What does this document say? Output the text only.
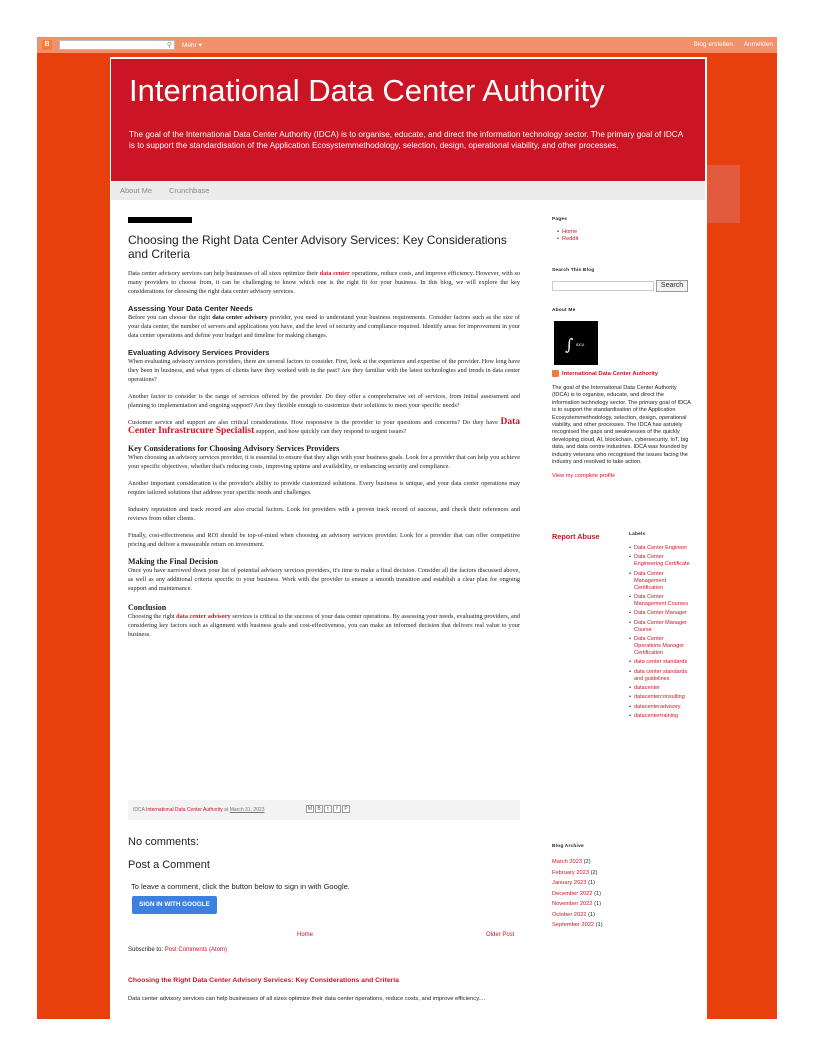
B	⚲ Mehr ▾	Blog erstellen Anmelden
International Data Center Authority

The goal of the International Data Center Authority (IDCA) is to organise, educate, and direct the information technology sector. The primary goal of IDCA is to support the standardisation of the Application Ecosystemmethodology, selection, design, operational viability, and other processes.

About Me Crunchbase
Choosing the Right Data Center Advisory Services: Key Considerations and Criteria

Data center advisory services can help businesses of all sizes optimize their data center operations, reduce costs, and improve efficiency. However, with so many providers to choose from, it can be challenging to know which one is the right fit for your business. In this blog, we will explore the key considerations for choosing the right data center advisory services.

Assessing Your Data Center Needs
Before you can choose the right data center advisory provider, you need to understand your business requirements. Consider factors such as the size of your data center, the number of servers and applications you have, and the level of security and compliance required. Identify areas for improvement in your data center operations and define your budget and timeline for making changes.
Evaluating Advisory Services Providers
When evaluating advisory services providers, there are several factors to consider. First, look at the experience and expertise of the provider. How long have they been in business, and what types of clients have they worked with in the past? Are they familiar with the latest technologies and trends in data center operations?

Another factor to consider is the range of services offered by the provider. Do they offer a comprehensive set of services, from initial assessment and planning to implementation and ongoing support? Are they flexible enough to customize their solutions to meet your specific needs?

Customer service and support are also critical considerations. How responsive is the provider to your questions and concerns? Do they have Data Center Infrastrucure Specialist support, and how quickly can they respond to urgent issues?

Key Considerations for Choosing Advisory Services Providers
When choosing an advisory services provider, it is essential to ensure that they align with your business goals. Look for a provider that can help you achieve your specific objectives, whether that's reducing costs, improving uptime and availability, or enhancing security and compliance.

Another important consideration is the provider's ability to provide customized solutions. Every business is unique, and your data center operations may require tailored solutions that address your specific needs and challenges.

Industry reputation and track record are also crucial factors. Look for providers with a proven track record of success, and check their references and reviews from other clients.

Finally, cost-effectiveness and ROI should be top-of-mind when choosing an advisory services provider. Look for a provider that can offer competitive pricing and deliver a measurable return on investment.

Making the Final Decision
Once you have narrowed down your list of potential advisory services providers, it's time to make a final decision. Consider all the factors discussed above, as well as any additional criteria specific to your business. Work with the provider to ensure a smooth transition and establish a clear plan for ongoing support and maintenance.
Conclusion
Choosing the right data center advisory services is critical to the success of your data center operations. By assessing your needs, evaluating providers, and considering key factors such as alignment with business goals and cost-effectiveness, you can make an informed decision that delivers real value to your business.
IDCA International Data Center Authority at March 31, 2023	M B t f P
No comments:
Post a Comment
To leave a comment, click the button below to sign in with Google.
SIGN IN WITH GOOGLE
Home	Older Post
Subscribe to: Post Comments (Atom)
Choosing the Right Data Center Advisory Services: Key Considerations and Criteria

Data center advisory services can help businesses of all sizes optimize their data center operations, reduce costs, and improve efficiency....

Pages
• Home
• Reddit
Search This Blog
Search
About Me
∫ IDCA
International Data Center Authority

The goal of the International Data Center Authority (IDCA) is to organise, educate, and direct the information technology sector. The primary goal of IDCA is to support the standardisation of the Application Ecosystemmethodology, selection, design, operational viability, and other processes. The IDCA has astutely recognised the gaps and weaknesses of the quickly developing cloud, AI, blockchain, cybersecurity, IoT, big data, and data centre industries. IDCA was founded by industry veterans who recognised the issues facing the industry and resolved to take action.

View my complete profile
Report Abuse	Labels
• Data Center Engineer
• Data Center Engineering Certificate
• Data Center Management Certification
• Data Center Management Courses
• Data Center Manager
• Data Center Manager Course
• Data Center Operations Manager Certification
• data center standards
• data center standards and guidelines
• datacenter
• datacenterconsulting
• datacenteradvisory
• datacentertraining
Blog Archive
March 2023 (2)
February 2023 (2)
January 2023 (1)
December 2022 (1)
November 2022 (1)
October 2022 (1)
September 2022 (1)
